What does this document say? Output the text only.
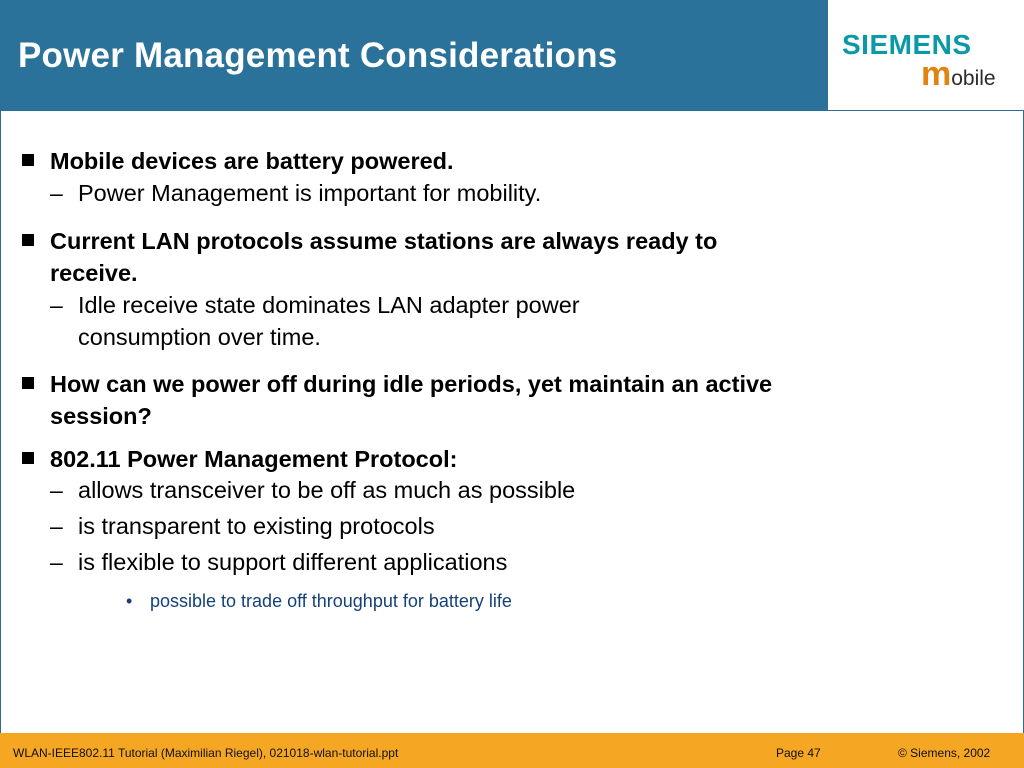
Power Management Considerations	SIEMENS
mobile
Mobile devices are battery powered.
– Power Management is important for mobility.
Current LAN protocols assume stations are always ready to receive.
– Idle receive state dominates LAN adapter power consumption over time.
How can we power off during idle periods, yet maintain an active session?
802.11 Power Management Protocol:
– allows transceiver to be off as much as possible
– is transparent to existing protocols
– is flexible to support different applications
• possible to trade off throughput for battery life
WLAN-IEEE802.11 Tutorial (Maximilian Riegel), 021018-wlan-tutorial.ppt	Page 47	© Siemens, 2002
